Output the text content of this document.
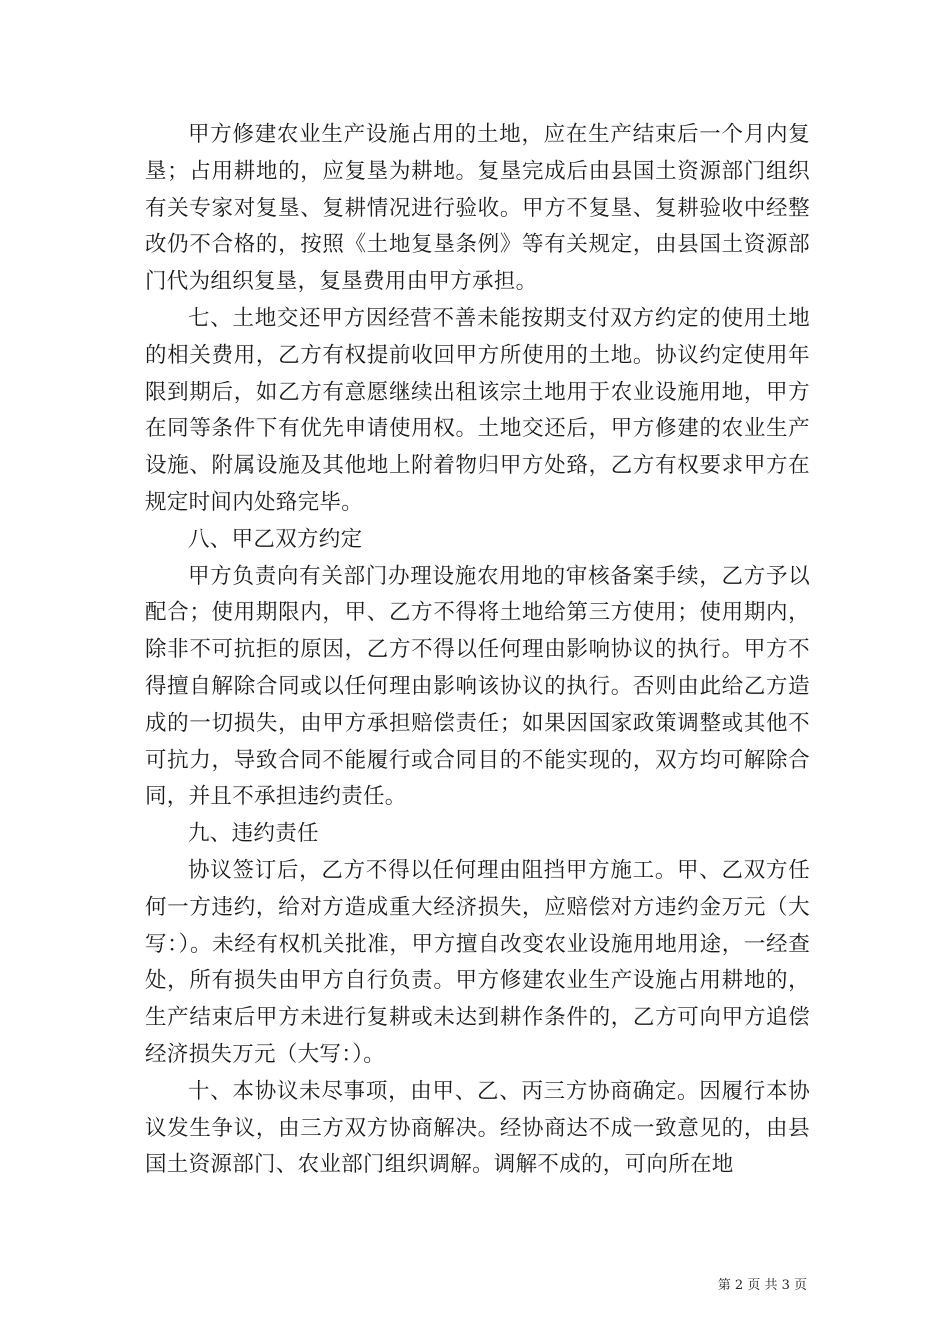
甲方修建农业生产设施占用的土地，应在生产结束后一个月内复垦；占用耕地的，应复垦为耕地。复垦完成后由县国土资源部门组织有关专家对复垦、复耕情况进行验收。甲方不复垦、复耕验收中经整改仍不合格的，按照《土地复垦条例》等有关规定，由县国土资源部门代为组织复垦，复垦费用由甲方承担。

七、土地交还甲方因经营不善未能按期支付双方约定的使用土地的相关费用，乙方有权提前收回甲方所使用的土地。协议约定使用年限到期后，如乙方有意愿继续出租该宗土地用于农业设施用地，甲方在同等条件下有优先申请使用权。土地交还后，甲方修建的农业生产设施、附属设施及其他地上附着物归甲方处臵，乙方有权要求甲方在规定时间内处臵完毕。

八、甲乙双方约定

甲方负责向有关部门办理设施农用地的审核备案手续，乙方予以配合；使用期限内，甲、乙方不得将土地给第三方使用；使用期内，除非不可抗拒的原因，乙方不得以任何理由影响协议的执行。甲方不得擅自解除合同或以任何理由影响该协议的执行。否则由此给乙方造成的一切损失，由甲方承担赔偿责任；如果因国家政策调整或其他不可抗力，导致合同不能履行或合同目的不能实现的，双方均可解除合同，并且不承担违约责任。

九、违约责任

协议签订后，乙方不得以任何理由阻挡甲方施工。甲、乙双方任何一方违约，给对方造成重大经济损失，应赔偿对方违约金万元（大写：）。未经有权机关批准，甲方擅自改变农业设施用地用途，一经查处，所有损失由甲方自行负责。甲方修建农业生产设施占用耕地的，生产结束后甲方未进行复耕或未达到耕作条件的，乙方可向甲方追偿经济损失万元（大写：）。

十、本协议未尽事项，由甲、乙、丙三方协商确定。因履行本协议发生争议，由三方双方协商解决。经协商达不成一致意见的，由县国土资源部门、农业部门组织调解。调解不成的，可向所在地

第 2 页 共 3 页
